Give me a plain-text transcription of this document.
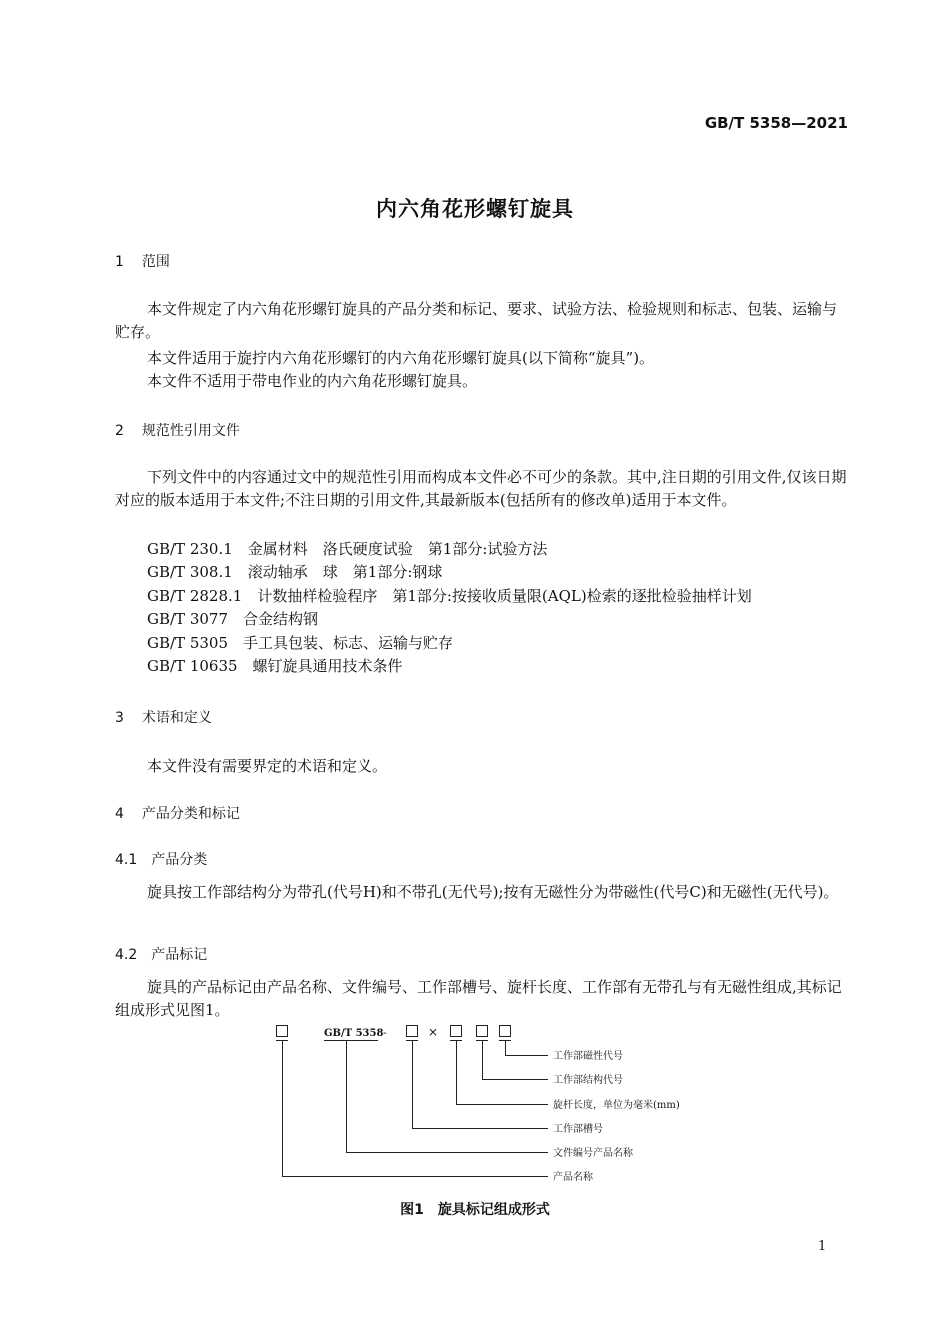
GB/T 5358—2021
内六角花形螺钉旋具
1 范围
本文件规定了内六角花形螺钉旋具的产品分类和标记、要求、试验方法、检验规则和标志、包装、运输与贮存。
本文件适用于旋拧内六角花形螺钉的内六角花形螺钉旋具(以下简称“旋具”)。
本文件不适用于带电作业的内六角花形螺钉旋具。
2 规范性引用文件
下列文件中的内容通过文中的规范性引用而构成本文件必不可少的条款。其中,注日期的引用文件,仅该日期对应的版本适用于本文件;不注日期的引用文件,其最新版本(包括所有的修改单)适用于本文件。
GB/T 230.1　金属材料　洛氏硬度试验　第1部分:试验方法
GB/T 308.1　滚动轴承　球　第1部分:钢球
GB/T 2828.1　计数抽样检验程序　第1部分:按接收质量限(AQL)检索的逐批检验抽样计划
GB/T 3077　合金结构钢
GB/T 5305　手工具包装、标志、运输与贮存
GB/T 10635　螺钉旋具通用技术条件
3 术语和定义
本文件没有需要界定的术语和定义。
4 产品分类和标记
4.1 产品分类
旋具按工作部结构分为带孔(代号H)和不带孔(无代号);按有无磁性分为带磁性(代号C)和无磁性(无代号)。
4.2 产品标记
旋具的产品标记由产品名称、文件编号、工作部槽号、旋杆长度、工作部有无带孔与有无磁性组成,其标记组成形式见图1。
GB/T 5358 -	×
工作部磁性代号
工作部结构代号
旋杆长度，单位为毫米(mm)
工作部槽号
文件编号产品名称
产品名称
图1　旋具标记组成形式
1
